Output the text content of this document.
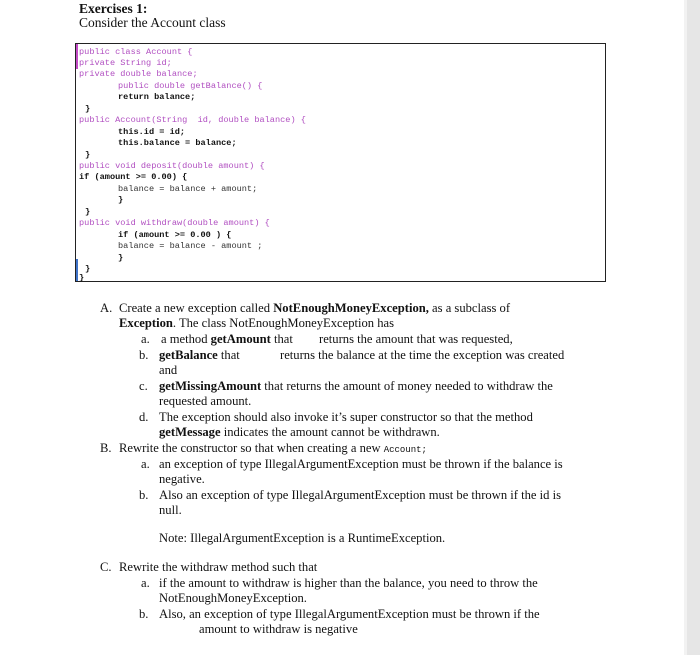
Exercises 1:
Consider the Account class
public class Account {
private String id;
private double balance;
public double getBalance() {
return balance;
}
public Account(String  id, double balance) {
this.id = id;
this.balance = balance;
}
public void deposit(double amount) {
if (amount >= 0.00) {
balance = balance + amount;
}
}
public void withdraw(double amount) {
if (amount >= 0.00 ) {
balance = balance - amount ;
}
}
}
A. Create a new exception called NotEnoughMoneyException, as a subclass of
Exception. The class NotEnoughMoneyException has
a. a method getAmount that returns the amount that was requested,
b. getBalance that	returns the balance at the time the exception was created
and
c. getMissingAmount that returns the amount of money needed to withdraw the
requested amount.
d. The exception should also invoke it’s super constructor so that the method
getMessage indicates the amount cannot be withdrawn.
B. Rewrite the constructor so that when creating a new Account;
a. an exception of type IllegalArgumentException must be thrown if the balance is
negative.
b. Also an exception of type IllegalArgumentException must be thrown if the id is
null.
Note: IllegalArgumentException is a RuntimeException.
C. Rewrite the withdraw method such that
a. if the amount to withdraw is higher than the balance, you need to throw the
NotEnoughMoneyException.
b. Also, an exception of type IllegalArgumentException must be thrown if the
amount to withdraw is negative
